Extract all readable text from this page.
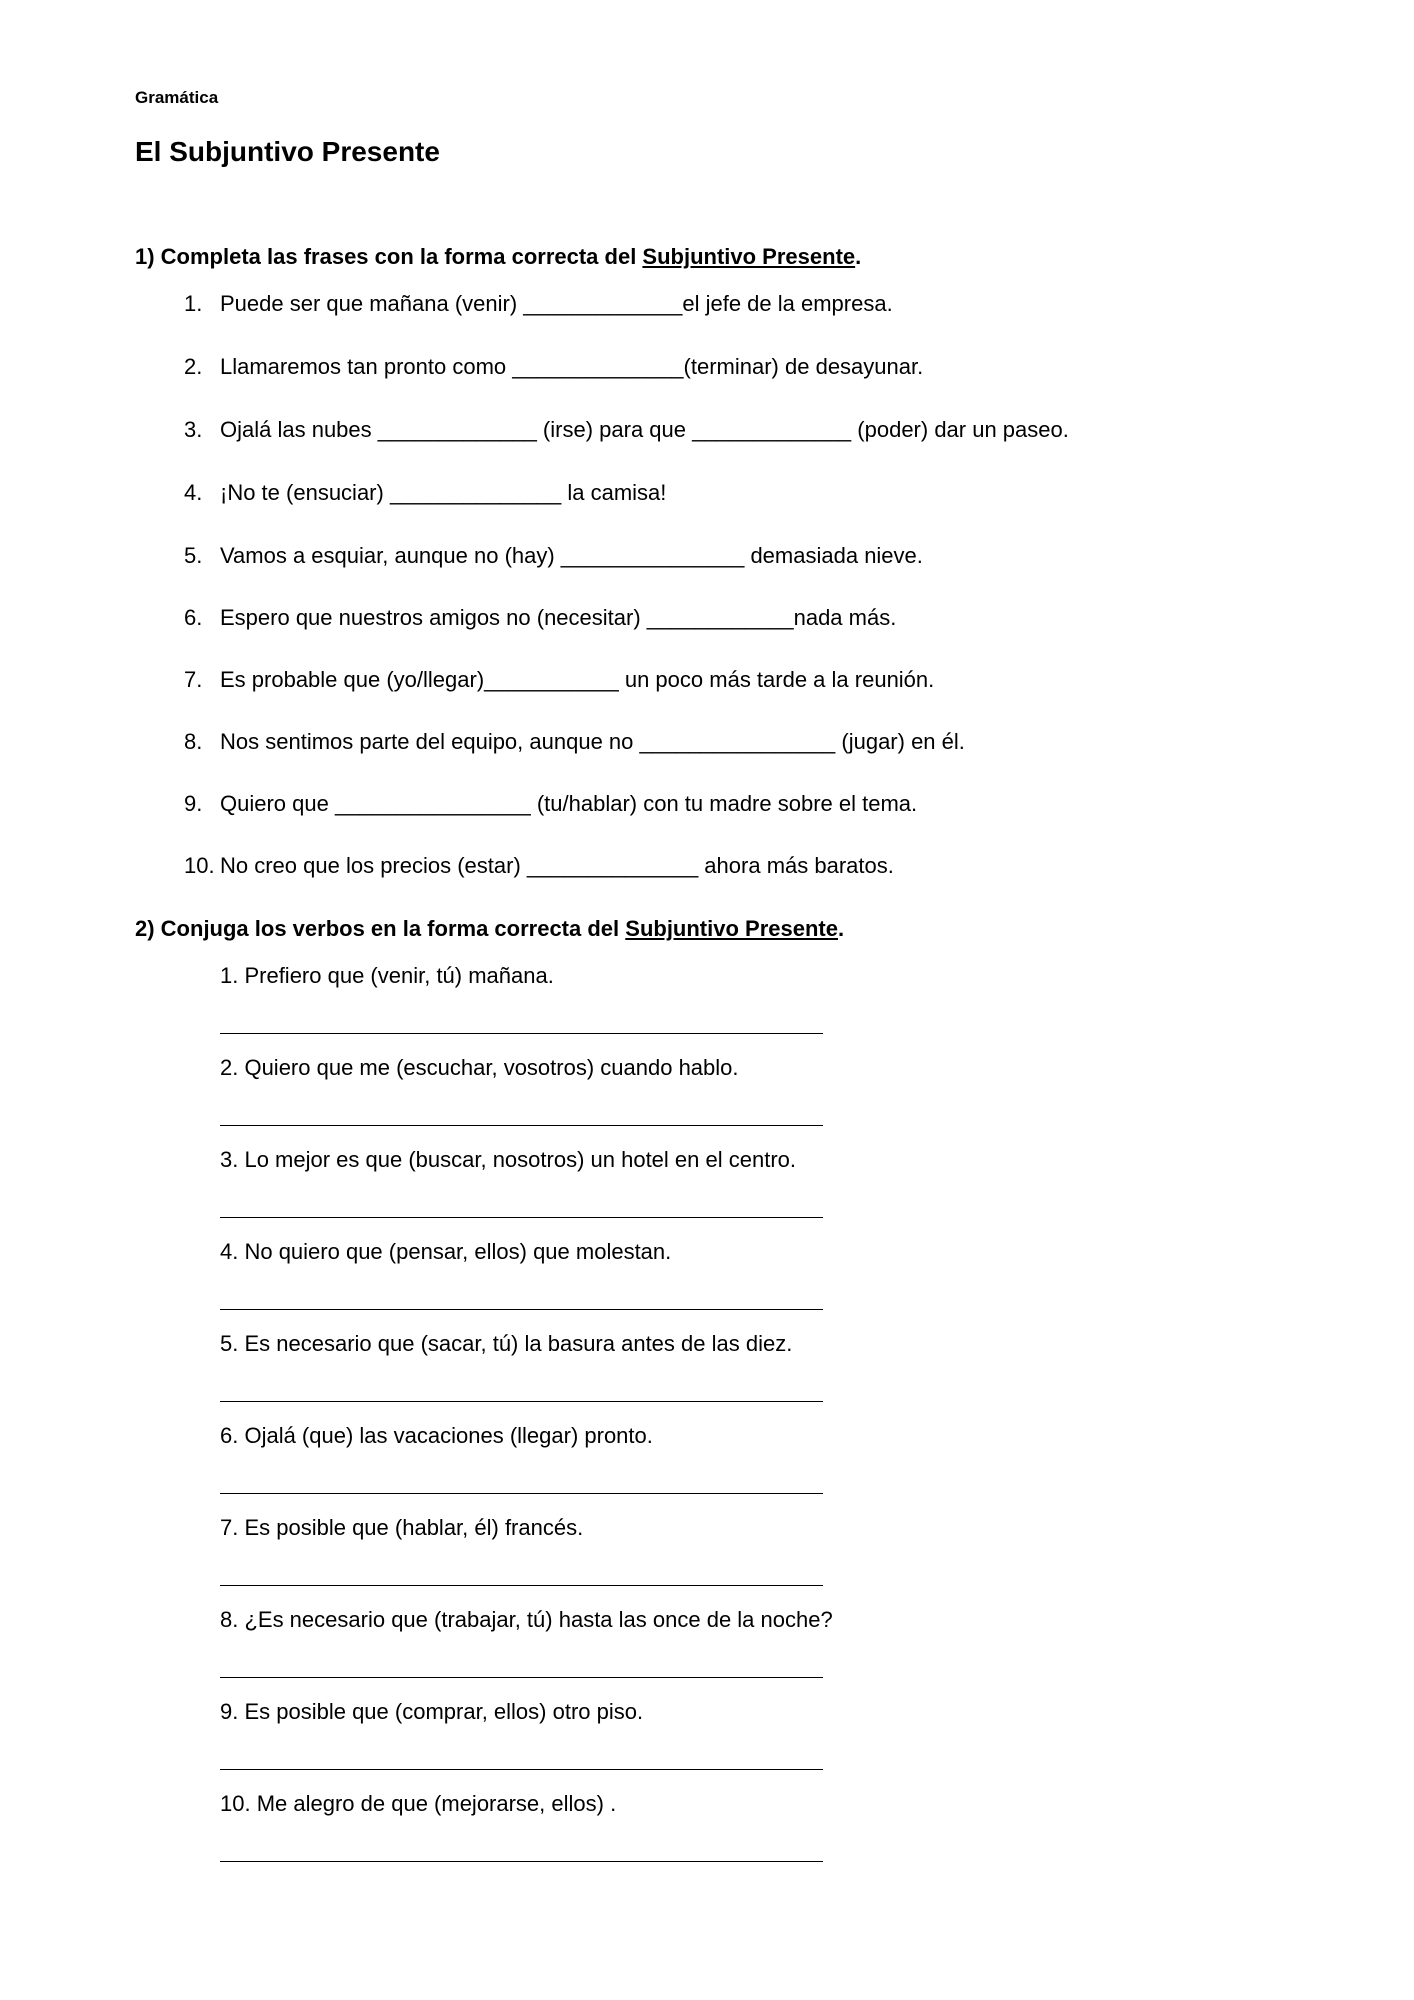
Gramática
El Subjuntivo Presente
1) Completa las frases con la forma correcta del Subjuntivo Presente.
1. Puede ser que mañana (venir) _____________el jefe de la empresa.
2. Llamaremos tan pronto como ______________(terminar) de desayunar.
3. Ojalá las nubes _____________ (irse) para que _____________ (poder) dar un paseo.
4. ¡No te (ensuciar) ______________ la camisa!
5. Vamos a esquiar, aunque no (hay) _______________ demasiada nieve.
6. Espero que nuestros amigos no (necesitar) ____________nada más.
7. Es probable que (yo/llegar)___________ un poco más tarde a la reunión.
8. Nos sentimos parte del equipo, aunque no ________________ (jugar) en él.
9. Quiero que ________________ (tu/hablar) con tu madre sobre el tema.
10. No creo que los precios (estar) ______________ ahora más baratos.
2) Conjuga los verbos en la forma correcta del Subjuntivo Presente.
1. Prefiero que (venir, tú) mañana.
2. Quiero que me (escuchar, vosotros) cuando hablo.
3. Lo mejor es que (buscar, nosotros) un hotel en el centro.
4. No quiero que (pensar, ellos) que molestan.
5. Es necesario que (sacar, tú) la basura antes de las diez.
6. Ojalá (que) las vacaciones (llegar) pronto.
7. Es posible que (hablar, él) francés.
8. ¿Es necesario que (trabajar, tú) hasta las once de la noche?
9. Es posible que (comprar, ellos) otro piso.
10. Me alegro de que (mejorarse, ellos) .
